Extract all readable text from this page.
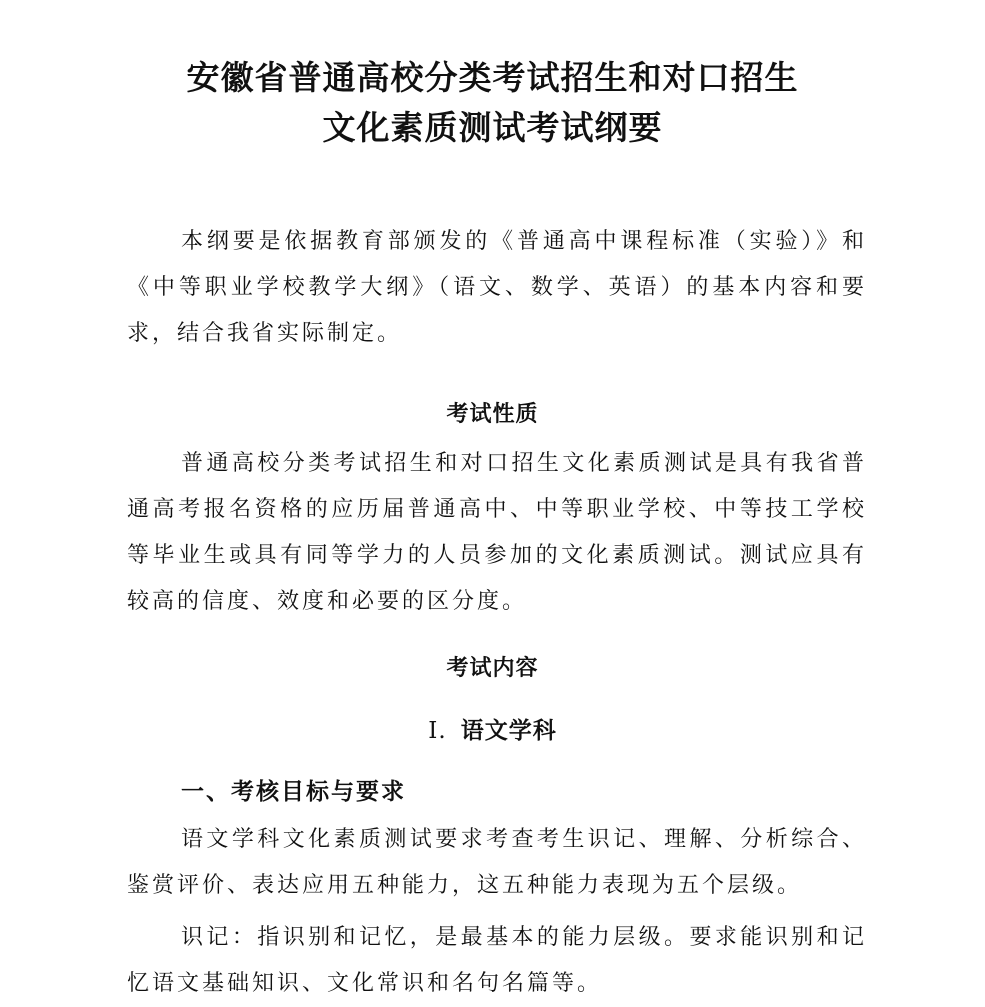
安徽省普通高校分类考试招生和对口招生
文化素质测试考试纲要

本纲要是依据教育部颁发的《普通高中课程标准（实验）》和《中等职业学校教学大纲》（语文、数学、英语）的基本内容和要求，结合我省实际制定。

考试性质

普通高校分类考试招生和对口招生文化素质测试是具有我省普通高考报名资格的应历届普通高中、中等职业学校、中等技工学校等毕业生或具有同等学力的人员参加的文化素质测试。测试应具有较高的信度、效度和必要的区分度。

考试内容
I. 语文学科
一、考核目标与要求

语文学科文化素质测试要求考查考生识记、理解、分析综合、鉴赏评价、表达应用五种能力，这五种能力表现为五个层级。

识记：指识别和记忆，是最基本的能力层级。要求能识别和记忆语文基础知识、文化常识和名句名篇等。
